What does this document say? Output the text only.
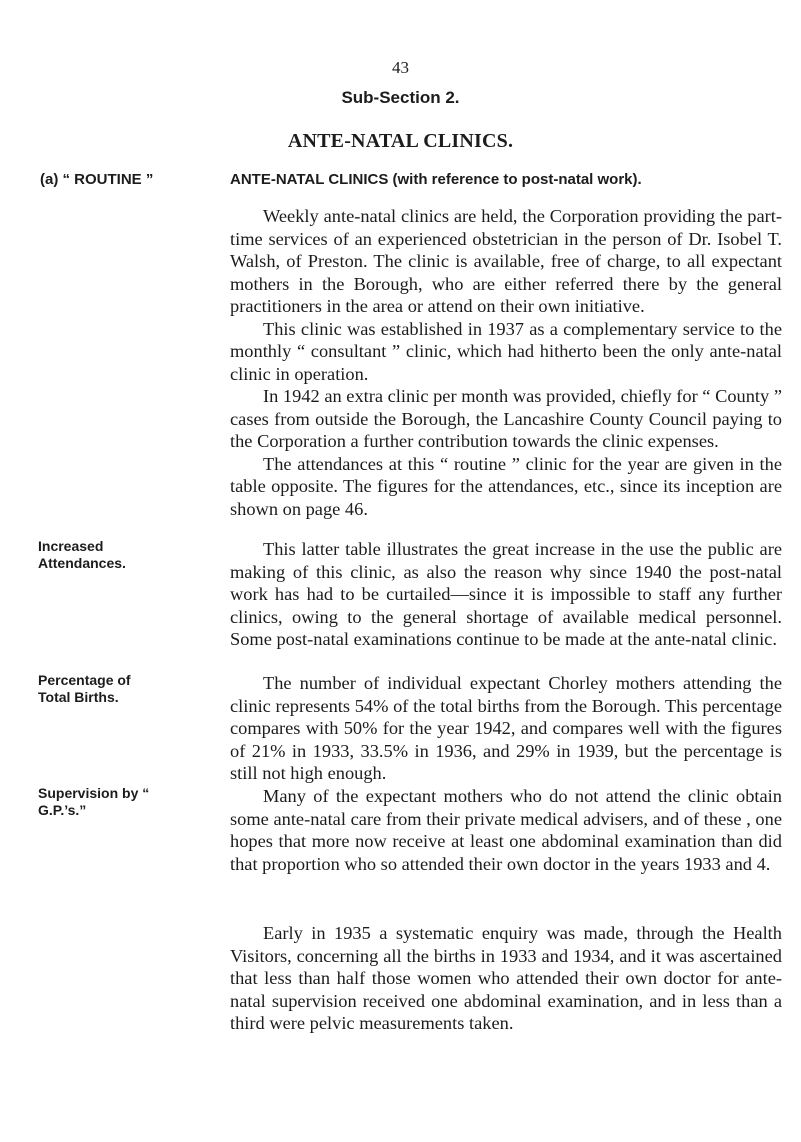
43
Sub-Section 2.
ANTE-NATAL CLINICS.
(a) “ ROUTINE ”	ANTE-NATAL CLINICS (with reference to post-natal work).

Weekly ante-natal clinics are held, the Corporation providing the part-time services of an experienced obstetrician in the person of Dr. Isobel T. Walsh, of Preston. The clinic is available, free of charge, to all expectant mothers in the Borough, who are either referred there by the general practitioners in the area or attend on their own initiative.

This clinic was established in 1937 as a complementary service to the monthly “ consultant ” clinic, which had hitherto been the only ante-natal clinic in operation.

In 1942 an extra clinic per month was provided, chiefly for “ County ” cases from outside the Borough, the Lancashire County Council paying to the Corporation a further contribution towards the clinic expenses.

The attendances at this “ routine ” clinic for the year are given in the table opposite. The figures for the attendances, etc., since its inception are shown on page 46.

Increased Attendances.

This latter table illustrates the great increase in the use the public are making of this clinic, as also the reason why since 1940 the post-natal work has had to be curtailed—since it is impossible to staff any further clinics, owing to the general shortage of available medical personnel. Some post-natal examinations continue to be made at the ante-natal clinic.

Percentage of Total Births.

The number of individual expectant Chorley mothers attending the clinic represents 54% of the total births from the Borough. This percentage compares with 50% for the year 1942, and compares well with the figures of 21% in 1933, 33.5% in 1936, and 29% in 1939, but the percentage is still not high enough.

Supervision by “ G.P.’s.”

Many of the expectant mothers who do not attend the clinic obtain some ante-natal care from their private medical advisers, and of these , one hopes that more now receive at least one abdominal examination than did that proportion who so attended their own doctor in the years 1933 and 4.

Early in 1935 a systematic enquiry was made, through the Health Visitors, concerning all the births in 1933 and 1934, and it was ascertained that less than half those women who attended their own doctor for ante-natal supervision received one abdominal examination, and in less than a third were pelvic measurements taken.
